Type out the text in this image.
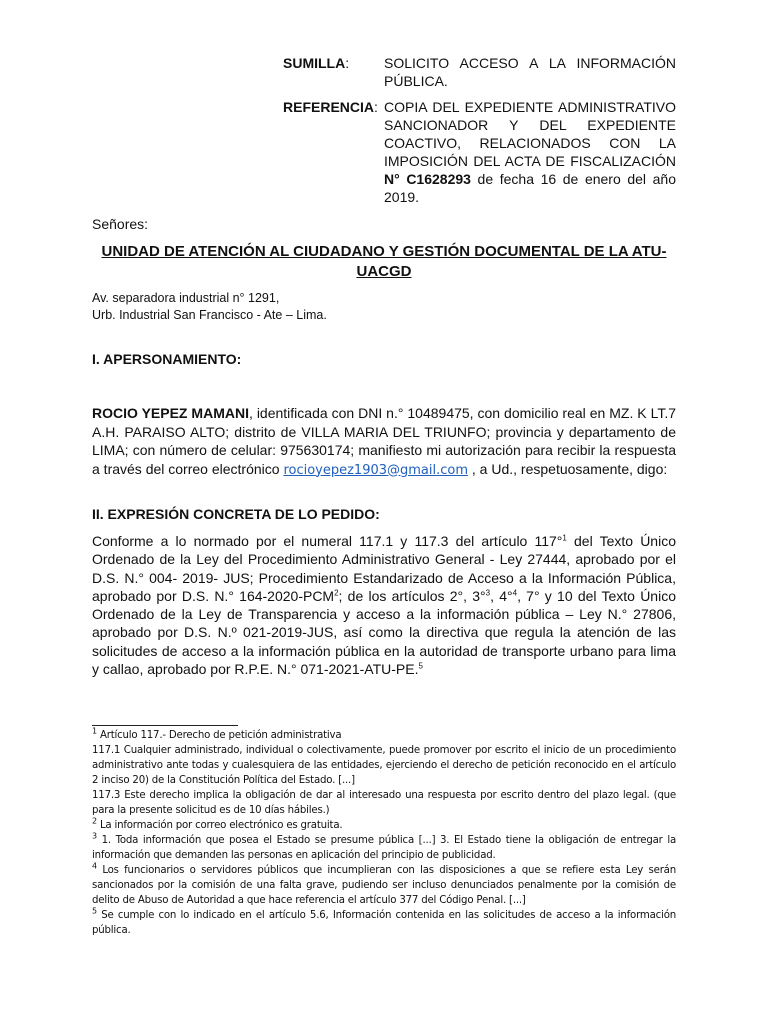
SUMILLA:	SOLICITO ACCESO A LA INFORMACIÓN PÚBLICA.
REFERENCIA: COPIA DEL EXPEDIENTE ADMINISTRATIVO SANCIONADOR Y DEL EXPEDIENTE COACTIVO, RELACIONADOS CON LA IMPOSICIÓN DEL ACTA DE FISCALIZACIÓN N° C1628293 de fecha 16 de enero del año 2019.
Señores:
UNIDAD DE ATENCIÓN AL CIUDADANO Y GESTIÓN DOCUMENTAL DE LA ATU-UACGD
Av. separadora industrial n° 1291,
Urb. Industrial San Francisco - Ate – Lima.
I. APERSONAMIENTO:
ROCIO YEPEZ MAMANI, identificada con DNI n.° 10489475, con domicilio real en MZ. K LT.7 A.H. PARAISO ALTO; distrito de VILLA MARIA DEL TRIUNFO; provincia y departamento de LIMA; con número de celular: 975630174; manifiesto mi autorización para recibir la respuesta a través del correo electrónico rocioyepez1903@gmail.com , a Ud., respetuosamente, digo:
II. EXPRESIÓN CONCRETA DE LO PEDIDO:
Conforme a lo normado por el numeral 117.1 y 117.3 del artículo 117°$^1$ del Texto Único Ordenado de la Ley del Procedimiento Administrativo General - Ley 27444, aprobado por el D.S. N.° 004- 2019- JUS; Procedimiento Estandarizado de Acceso a la Información Pública, aprobado por D.S. N.° 164-2020-PCM$^2$; de los artículos 2°, 3°$^3$, 4°$^4$, 7° y 10 del Texto Único Ordenado de la Ley de Transparencia y acceso a la información pública – Ley N.° 27806, aprobado por D.S. N.º 021-2019-JUS, así como la directiva que regula la atención de las solicitudes de acceso a la información pública en la autoridad de transporte urbano para lima y callao, aprobado por R.P.E. N.° 071-2021-ATU-PE.$^5$
$^1$ Artículo 117.- Derecho de petición administrativa
117.1 Cualquier administrado, individual o colectivamente, puede promover por escrito el inicio de un procedimiento administrativo ante todas y cualesquiera de las entidades, ejerciendo el derecho de petición reconocido en el artículo 2 inciso 20) de la Constitución Política del Estado. [...]
117.3 Este derecho implica la obligación de dar al interesado una respuesta por escrito dentro del plazo legal. (que para la presente solicitud es de 10 días hábiles.)
$^2$ La información por correo electrónico es gratuita.
$^3$ 1. Toda información que posea el Estado se presume pública [...] 3. El Estado tiene la obligación de entregar la información que demanden las personas en aplicación del principio de publicidad.
$^4$ Los funcionarios o servidores públicos que incumplieran con las disposiciones a que se refiere esta Ley serán sancionados por la comisión de una falta grave, pudiendo ser incluso denunciados penalmente por la comisión de delito de Abuso de Autoridad a que hace referencia el artículo 377 del Código Penal. [...]
$^5$ Se cumple con lo indicado en el artículo 5.6, Información contenida en las solicitudes de acceso a la información pública.
